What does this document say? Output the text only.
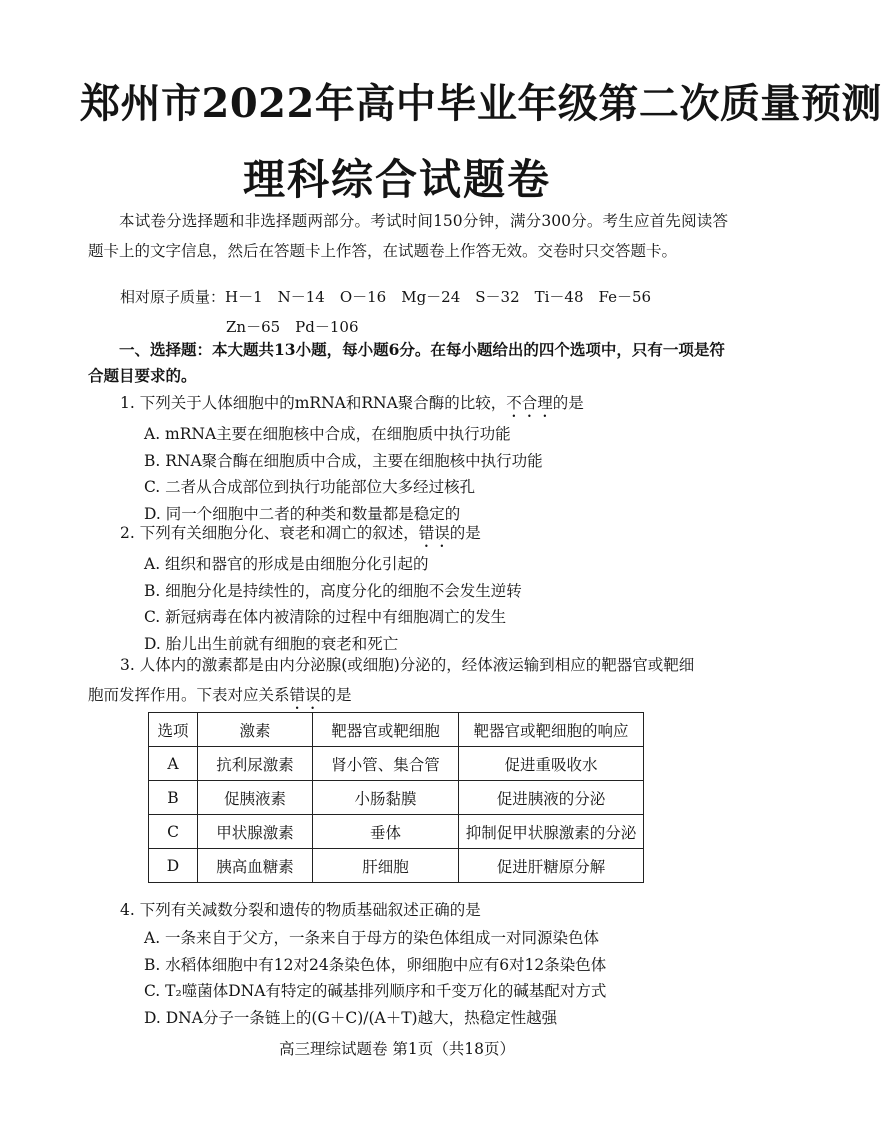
郑州市2022年高中毕业年级第二次质量预测
理科综合试题卷
本试卷分选择题和非选择题两部分。考试时间150分钟，满分300分。考生应首先阅读答题卡上的文字信息，然后在答题卡上作答，在试题卷上作答无效。交卷时只交答题卡。
相对原子质量：H－1　N－14　O－16　Mg－24　S－32　Ti－48　Fe－56
Zn－65　Pd－106
一、选择题：本大题共13小题，每小题6分。在每小题给出的四个选项中，只有一项是符合题目要求的。
1. 下列关于人体细胞中的mRNA和RNA聚合酶的比较，不合理的是
A. mRNA主要在细胞核中合成，在细胞质中执行功能
B. RNA聚合酶在细胞质中合成，主要在细胞核中执行功能
C. 二者从合成部位到执行功能部位大多经过核孔
D. 同一个细胞中二者的种类和数量都是稳定的
2. 下列有关细胞分化、衰老和凋亡的叙述，错误的是
A. 组织和器官的形成是由细胞分化引起的
B. 细胞分化是持续性的，高度分化的细胞不会发生逆转
C. 新冠病毒在体内被清除的过程中有细胞凋亡的发生
D. 胎儿出生前就有细胞的衰老和死亡
3. 人体内的激素都是由内分泌腺(或细胞)分泌的，经体液运输到相应的靶器官或靶细
胞而发挥作用。下表对应关系错误的是
选项	激素	靶器官或靶细胞	靶器官或靶细胞的响应
A	抗利尿激素	肾小管、集合管	促进重吸收水
B	促胰液素	小肠黏膜	促进胰液的分泌
C	甲状腺激素	垂体	抑制促甲状腺激素的分泌
D	胰高血糖素	肝细胞	促进肝糖原分解
4. 下列有关减数分裂和遗传的物质基础叙述正确的是
A. 一条来自于父方，一条来自于母方的染色体组成一对同源染色体
B. 水稻体细胞中有12对24条染色体，卵细胞中应有6对12条染色体
C. T₂噬菌体DNA有特定的碱基排列顺序和千变万化的碱基配对方式
D. DNA分子一条链上的(G＋C)/(A＋T)越大，热稳定性越强
高三理综试题卷 第1页（共18页）
